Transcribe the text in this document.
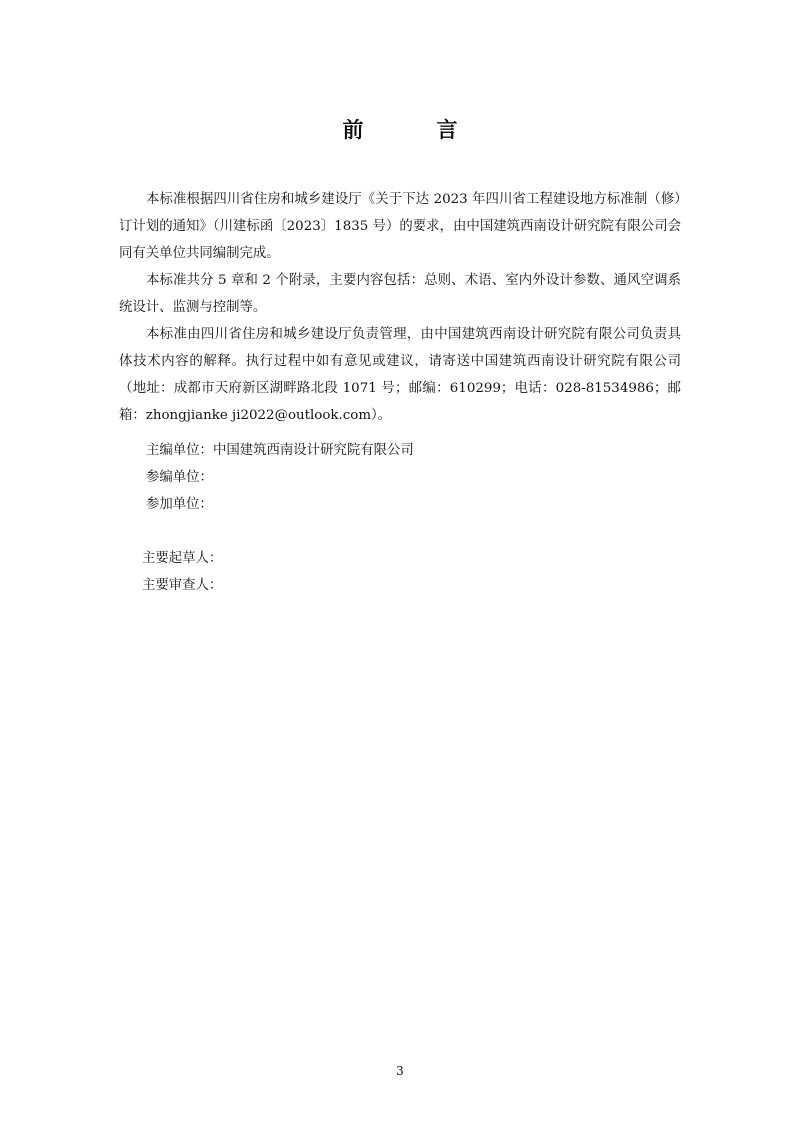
前　言

本标准根据四川省住房和城乡建设厅《关于下达 2023 年四川省工程建设地方标准制（修）订计划的通知》（川建标函〔2023〕1835 号）的要求，由中国建筑西南设计研究院有限公司会同有关单位共同编制完成。

本标准共分 5 章和 2 个附录，主要内容包括：总则、术语、室内外设计参数、通风空调系统设计、监测与控制等。

本标准由四川省住房和城乡建设厅负责管理，由中国建筑西南设计研究院有限公司负责具体技术内容的解释。执行过程中如有意见或建议，请寄送中国建筑西南设计研究院有限公司（地址：成都市天府新区湖畔路北段 1071 号；邮编：610299；电话：028-81534986；邮箱：zhongjianke ji2022@outlook.com）。

主编单位：中国建筑西南设计研究院有限公司

参编单位：

参加单位：

主要起草人：

主要审查人：

3
